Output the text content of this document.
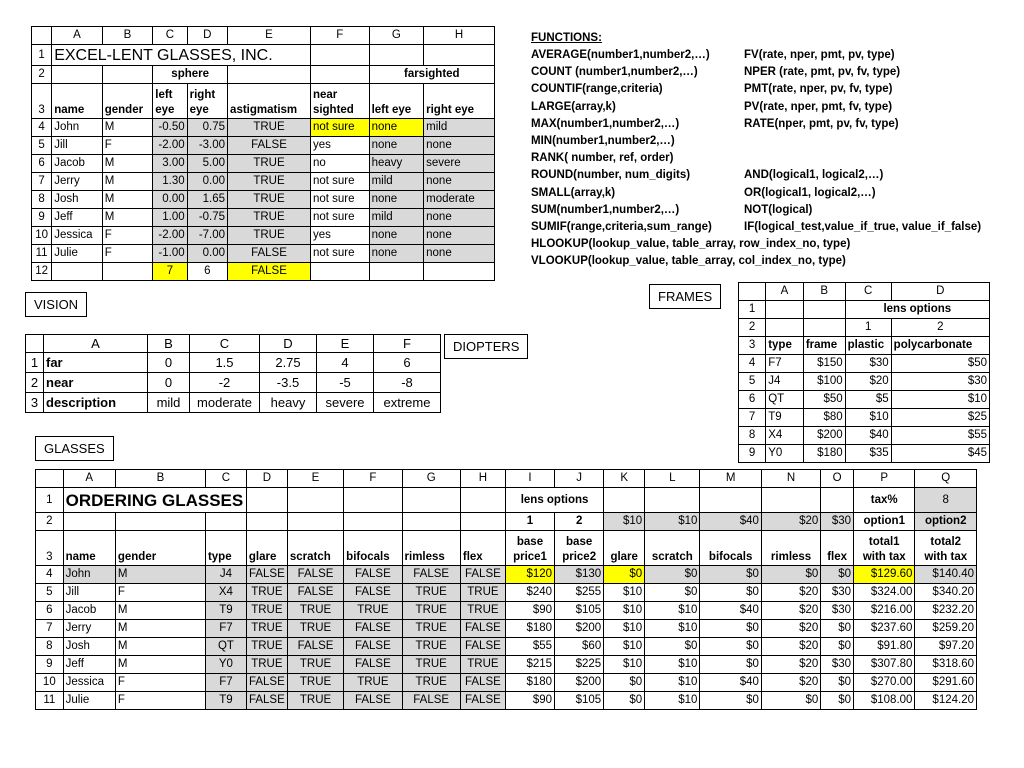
	A	B	C	D	E	F	G	H
1	EXCEL-LENT GLASSES, INC.							
2			sphere				farsighted	
3	name	gender	left eye	right eye	astigmatism	near sighted	left eye	right eye
4	John	M	-0.50	0.75	TRUE	not sure	none	mild
5	Jill	F	-2.00	-3.00	FALSE	yes	none	none
6	Jacob	M	3.00	5.00	TRUE	no	heavy	severe
7	Jerry	M	1.30	0.00	TRUE	not sure	mild	none
8	Josh	M	0.00	1.65	TRUE	not sure	none	moderate
9	Jeff	M	1.00	-0.75	TRUE	not sure	mild	none
10	Jessica	F	-2.00	-7.00	TRUE	yes	none	none
11	Julie	F	-1.00	0.00	FALSE	not sure	none	none
12			7	6	FALSE			
FUNCTIONS:
AVERAGE(number1,number2,…)
COUNT (number1,number2,…)
COUNTIF(range,criteria)
LARGE(array,k)
MAX(number1,number2,…)
MIN(number1,number2,…)
RANK( number, ref, order)
ROUND(number, num_digits)
SMALL(array,k)
SUM(number1,number2,…)
SUMIF(range,criteria,sum_range)
HLOOKUP(lookup_value, table_array, row_index_no, type)
VLOOKUP(lookup_value, table_array, col_index_no, type)
FV(rate, nper, pmt, pv, type)
NPER (rate, pmt, pv, fv, type)
PMT(rate, nper, pv, fv, type)
PV(rate, nper, pmt, fv, type)
RATE(nper, pmt, pv, fv, type)
AND(logical1, logical2,…)
OR(logical1, logical2,…)
NOT(logical)
IF(logical_test,value_if_true, value_if_false)
VISION
DIOPTERS
GLASSES
FRAMES
	A	B	C	D	E	F
1	far	0	1.5	2.75	4	6
2	near	0	-2	-3.5	-5	-8
3	description	mild	moderate	heavy	severe	extreme
	A	B	C	D
1			lens options	
2			1	2
3	type	frame	plastic	polycarbonate
4	F7	$150	$30	$50
5	J4	$100	$20	$30
6	QT	$50	$5	$10
7	T9	$80	$10	$25
8	X4	$200	$40	$55
9	Y0	$180	$35	$45
	A	B	C	D	E	F	G	H	I	J	K	L	M	N	O	P	Q
1	ORDERING GLASSES								lens options							tax%	8
2									1	2	$10	$10	$40	$20	$30	option1	option2
3	name	gender	type	glare	scratch	bifocals	rimless	flex	base price1	base price2	glare	scratch	bifocals	rimless	flex	total1 with tax	total2 with tax
4	John	M	J4	FALSE	FALSE	FALSE	FALSE	FALSE	$120	$130	$0	$0	$0	$0	$0	$129.60	$140.40
5	Jill	F	X4	TRUE	FALSE	FALSE	TRUE	TRUE	$240	$255	$10	$0	$0	$20	$30	$324.00	$340.20
6	Jacob	M	T9	TRUE	TRUE	TRUE	TRUE	TRUE	$90	$105	$10	$10	$40	$20	$30	$216.00	$232.20
7	Jerry	M	F7	TRUE	TRUE	FALSE	TRUE	FALSE	$180	$200	$10	$10	$0	$20	$0	$237.60	$259.20
8	Josh	M	QT	TRUE	FALSE	FALSE	TRUE	FALSE	$55	$60	$10	$0	$0	$20	$0	$91.80	$97.20
9	Jeff	M	Y0	TRUE	TRUE	FALSE	TRUE	TRUE	$215	$225	$10	$10	$0	$20	$30	$307.80	$318.60
10	Jessica	F	F7	FALSE	TRUE	TRUE	TRUE	FALSE	$180	$200	$0	$10	$40	$20	$0	$270.00	$291.60
11	Julie	F	T9	FALSE	TRUE	FALSE	FALSE	FALSE	$90	$105	$0	$10	$0	$0	$0	$108.00	$124.20
